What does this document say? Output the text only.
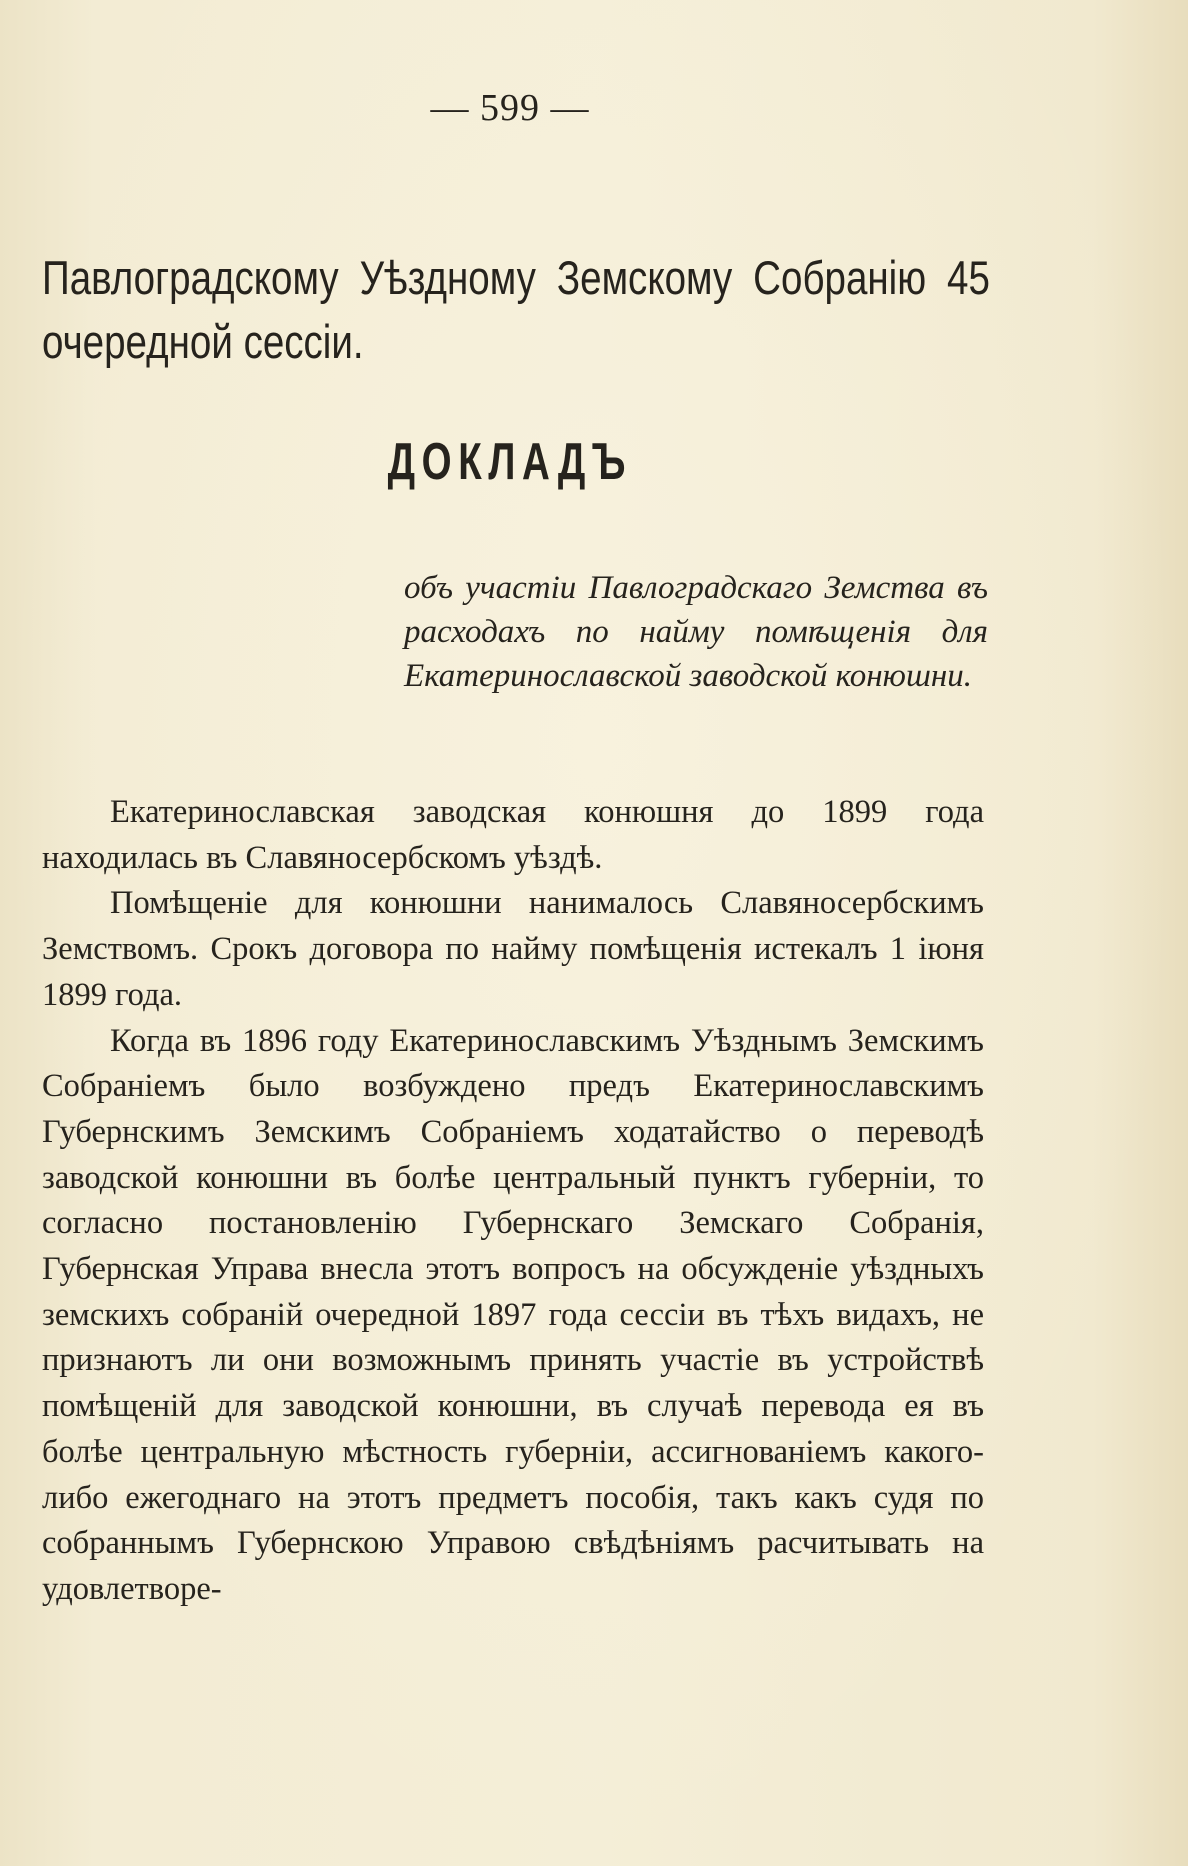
— 599 —
Павлоградскому Уѣздному Земскому Собранію 45 очередной сессіи.
ДОКЛАДЪ
объ участіи Павлоградскаго Земства въ расходахъ по найму помѣщенія для Екатеринославской заводской конюшни.

Екатеринославская заводская конюшня до 1899 года находилась въ Славяносербскомъ уѣздѣ.

Помѣщеніе для конюшни нанималось Славяносербскимъ Земствомъ. Срокъ договора по найму помѣщенія истекалъ 1 іюня 1899 года.

Когда въ 1896 году Екатеринославскимъ Уѣзднымъ Земскимъ Собраніемъ было возбуждено предъ Екатеринославскимъ Губернскимъ Земскимъ Собраніемъ ходатайство о переводѣ заводской конюшни въ болѣе центральный пунктъ губерніи, то согласно постановленію Губернскаго Земскаго Собранія, Губернская Управа внесла этотъ вопросъ на обсужденіе уѣздныхъ земскихъ собраній очередной 1897 года сессіи въ тѣхъ видахъ, не признаютъ ли они возможнымъ принять участіе въ устройствѣ помѣщеній для заводской конюшни, въ случаѣ перевода ея въ болѣе центральную мѣстность губерніи, ассигнованіемъ какого-либо ежегоднаго на этотъ предметъ пособія, такъ какъ судя по собраннымъ Губернскою Управою свѣдѣніямъ расчитывать на удовлетворе-
